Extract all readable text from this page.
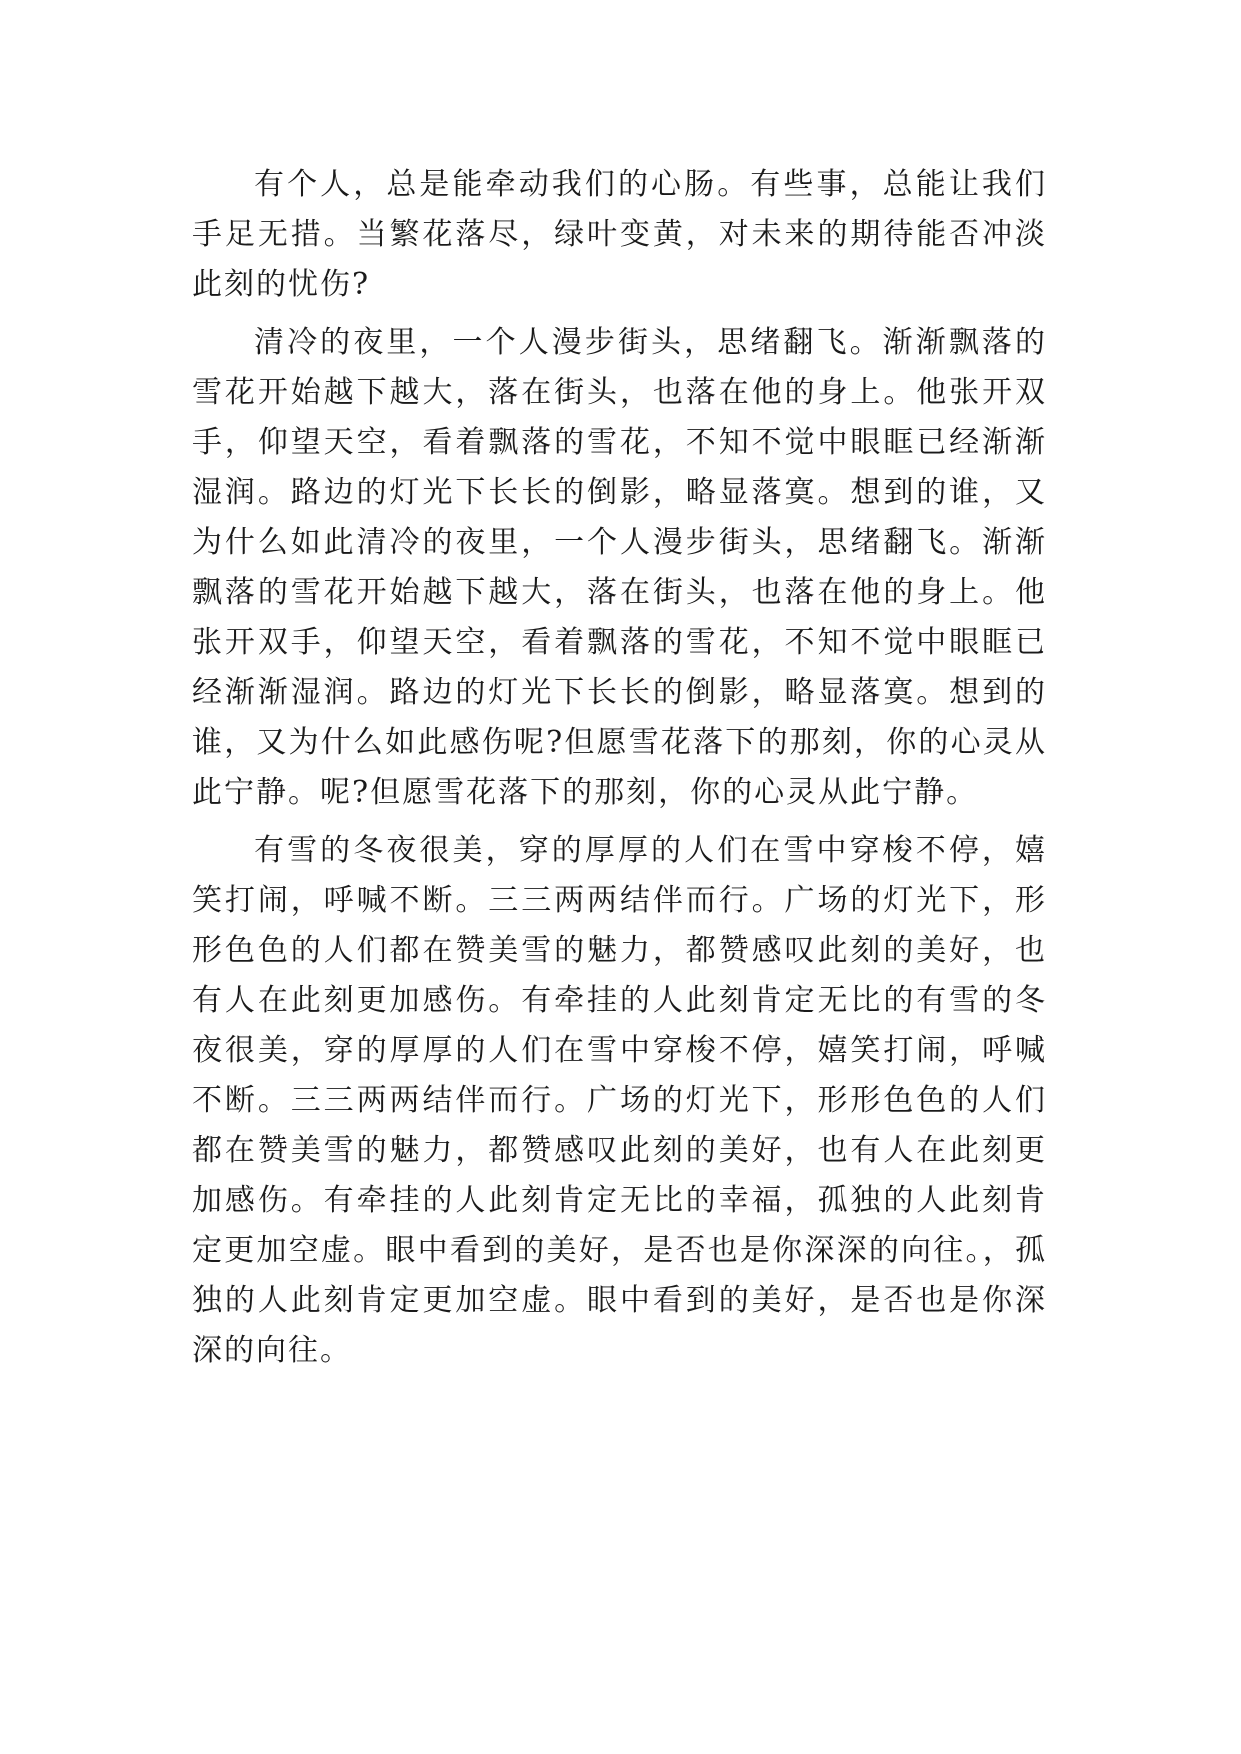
有个人，总是能牵动我们的心肠。有些事，总能让我们手足无措。当繁花落尽，绿叶变黄，对未来的期待能否冲淡此刻的忧伤?

清冷的夜里，一个人漫步街头，思绪翻飞。渐渐飘落的雪花开始越下越大，落在街头，也落在他的身上。他张开双手，仰望天空，看着飘落的雪花，不知不觉中眼眶已经渐渐湿润。路边的灯光下长长的倒影，略显落寞。想到的谁，又为什么如此清冷的夜里，一个人漫步街头，思绪翻飞。渐渐飘落的雪花开始越下越大，落在街头，也落在他的身上。他张开双手，仰望天空，看着飘落的雪花，不知不觉中眼眶已经渐渐湿润。路边的灯光下长长的倒影，略显落寞。想到的谁，又为什么如此感伤呢?但愿雪花落下的那刻，你的心灵从此宁静。呢?但愿雪花落下的那刻，你的心灵从此宁静。

有雪的冬夜很美，穿的厚厚的人们在雪中穿梭不停，嬉笑打闹，呼喊不断。三三两两结伴而行。广场的灯光下，形形色色的人们都在赞美雪的魅力，都赞感叹此刻的美好，也有人在此刻更加感伤。有牵挂的人此刻肯定无比的有雪的冬夜很美，穿的厚厚的人们在雪中穿梭不停，嬉笑打闹，呼喊不断。三三两两结伴而行。广场的灯光下，形形色色的人们都在赞美雪的魅力，都赞感叹此刻的美好，也有人在此刻更加感伤。有牵挂的人此刻肯定无比的幸福，孤独的人此刻肯定更加空虚。眼中看到的美好，是否也是你深深的向往。，孤独的人此刻肯定更加空虚。眼中看到的美好，是否也是你深深的向往。
